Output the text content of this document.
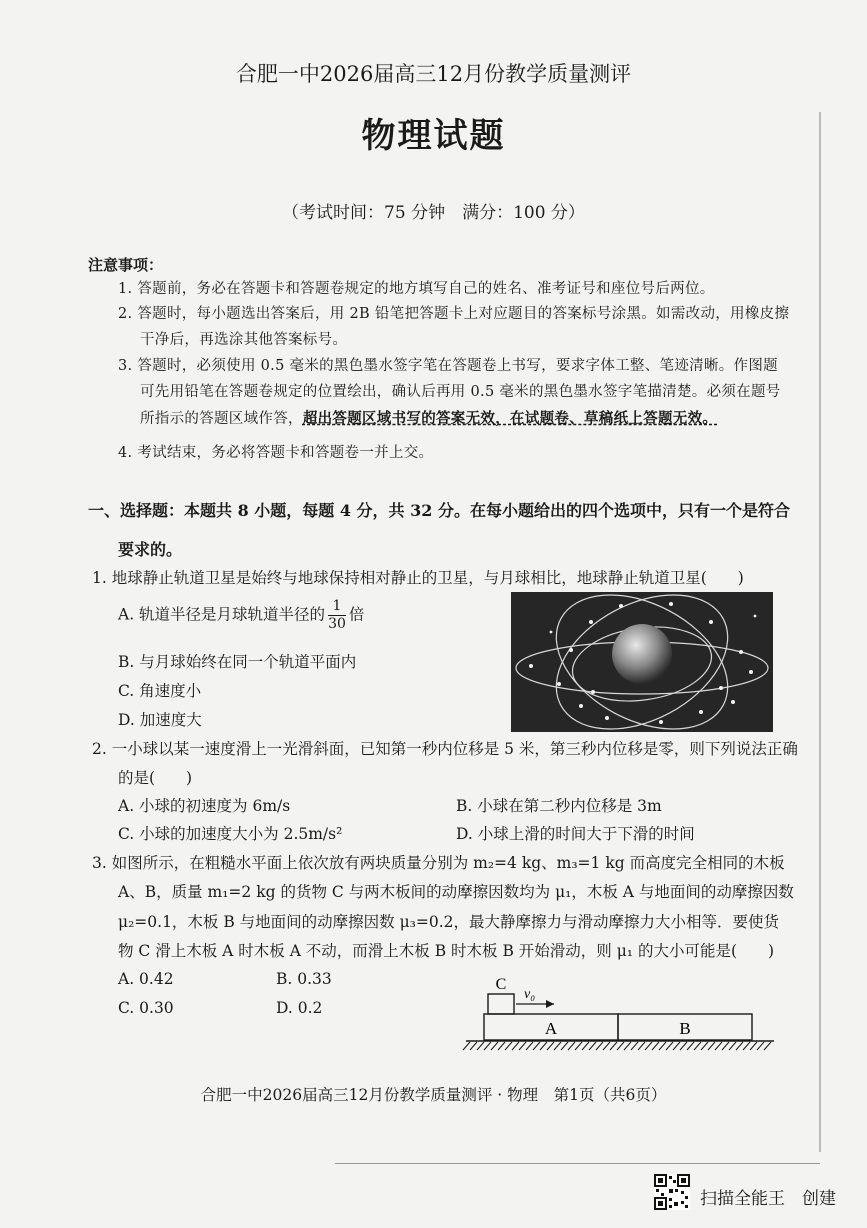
合肥一中2026届高三12月份教学质量测评
物理试题
（考试时间：75 分钟　满分：100 分）
注意事项：
1. 答题前，务必在答题卡和答题卷规定的地方填写自己的姓名、准考证号和座位号后两位。
2. 答题时，每小题选出答案后，用 2B 铅笔把答题卡上对应题目的答案标号涂黑。如需改动，用橡皮擦
干净后，再选涂其他答案标号。
3. 答题时，必须使用 0.5 毫米的黑色墨水签字笔在答题卷上书写，要求字体工整、笔迹清晰。作图题
可先用铅笔在答题卷规定的位置绘出，确认后再用 0.5 毫米的黑色墨水签字笔描清楚。必须在题号
所指示的答题区域作答，超出答题区域书写的答案无效，在试题卷、草稿纸上答题无效。
4. 考试结束，务必将答题卡和答题卷一并上交。
一、选择题：本题共 8 小题，每题 4 分，共 32 分。在每小题给出的四个选项中，只有一个是符合
要求的。
1. 地球静止轨道卫星是始终与地球保持相对静止的卫星，与月球相比，地球静止轨道卫星(　　)
A. 轨道半径是月球轨道半径的 $\frac{1}{30}$ 倍
B. 与月球始终在同一个轨道平面内
C. 角速度小
D. 加速度大
2. 一小球以某一速度滑上一光滑斜面，已知第一秒内位移是 5 米，第三秒内位移是零，则下列说法正确
的是(　　)
A. 小球的初速度为 6m/s	B. 小球在第二秒内位移是 3m
C. 小球的加速度大小为 2.5m/s²	D. 小球上滑的时间大于下滑的时间
3. 如图所示，在粗糙水平面上依次放有两块质量分别为 m₂=4 kg、m₃=1 kg 而高度完全相同的木板
A、B，质量 m₁=2 kg 的货物 C 与两木板间的动摩擦因数均为 μ₁，木板 A 与地面间的动摩擦因数
μ₂=0.1，木板 B 与地面间的动摩擦因数 μ₃=0.2，最大静摩擦力与滑动摩擦力大小相等．要使货
物 C 滑上木板 A 时木板 A 不动，而滑上木板 B 时木板 B 开始滑动，则 μ₁ 的大小可能是(　　)
A. 0.42	B. 0.33
C. 0.30	D. 0.2
C
v₀
A	B
合肥一中2026届高三12月份教学质量测评 · 物理　第1页（共6页）
扫描全能王　创建
